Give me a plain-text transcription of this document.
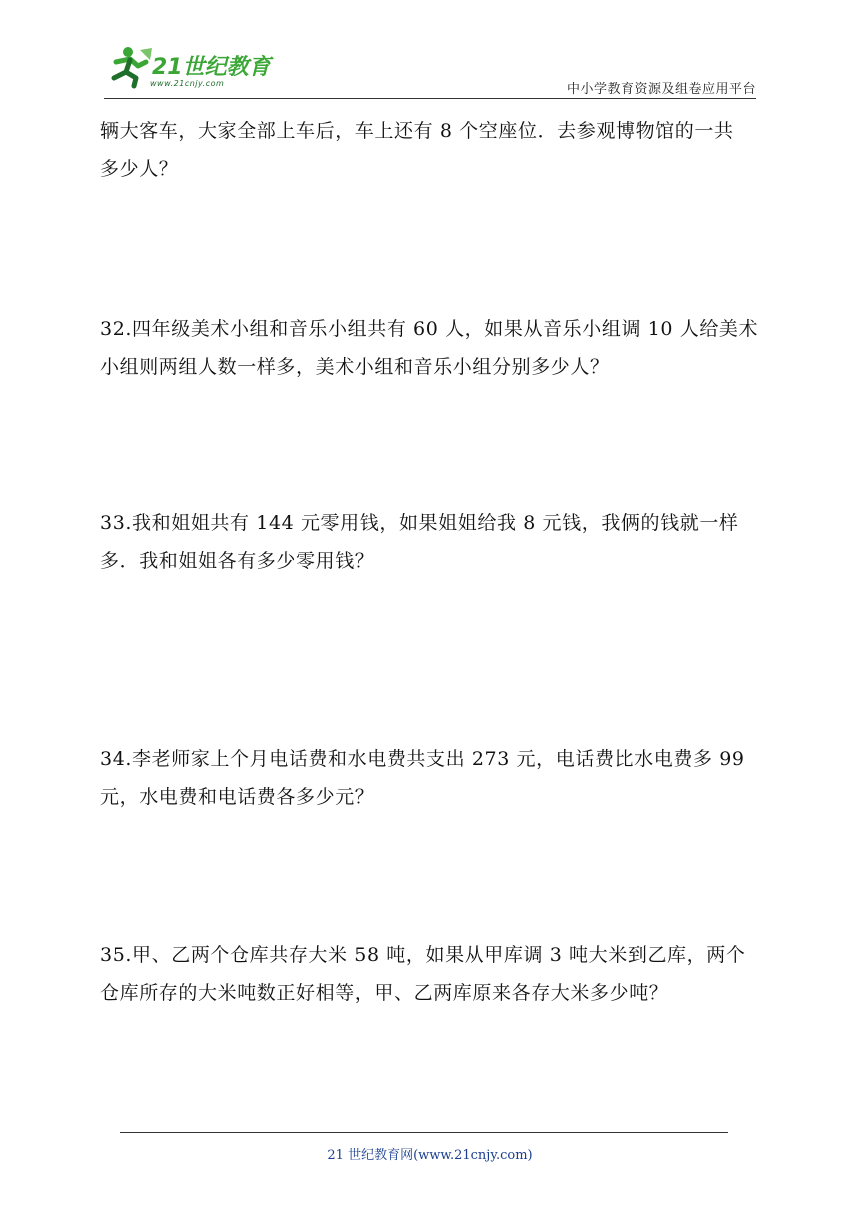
21世纪教育
www.21cnjy.com	中小学教育资源及组卷应用平台

辆大客车，大家全部上车后，车上还有 8 个空座位．去参观博物馆的一共
多少人？

32.四年级美术小组和音乐小组共有 60 人，如果从音乐小组调 10 人给美术
小组则两组人数一样多，美术小组和音乐小组分别多少人？

33.我和姐姐共有 144 元零用钱，如果姐姐给我 8 元钱，我俩的钱就一样
多．我和姐姐各有多少零用钱？

34.李老师家上个月电话费和水电费共支出 273 元，电话费比水电费多 99
元，水电费和电话费各多少元？

35.甲、乙两个仓库共存大米 58 吨，如果从甲库调 3 吨大米到乙库，两个
仓库所存的大米吨数正好相等，甲、乙两库原来各存大米多少吨？

21 世纪教育网(www.21cnjy.com)
